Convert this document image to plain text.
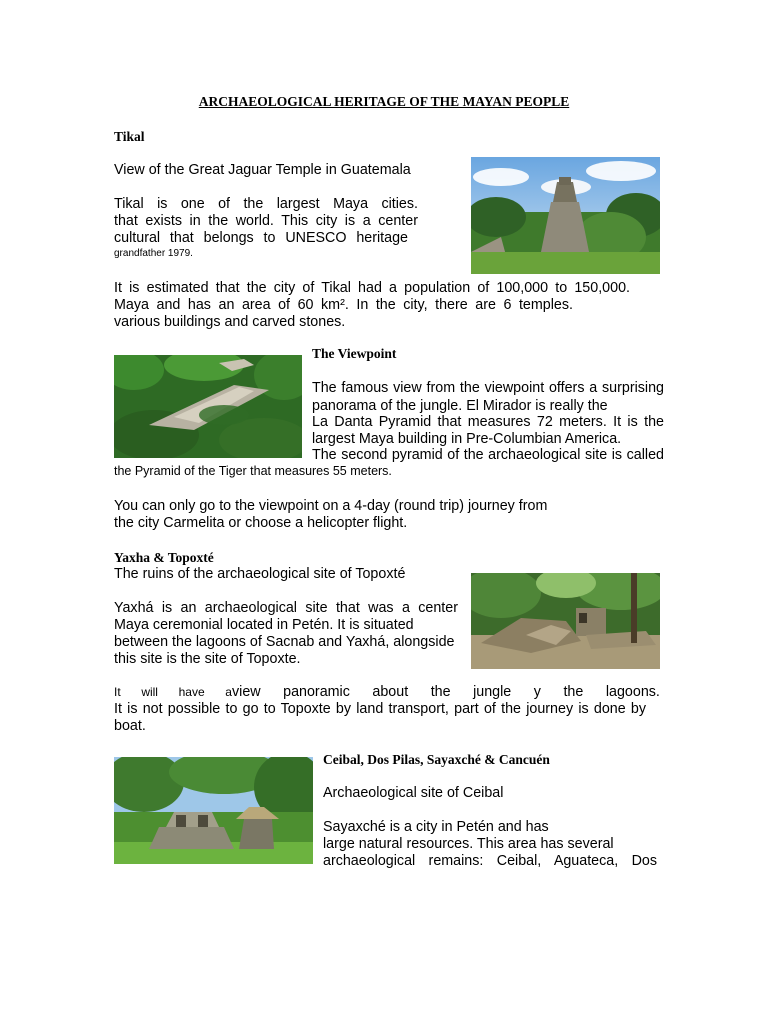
ARCHAEOLOGICAL HERITAGE OF THE MAYAN PEOPLE
Tikal
View of the Great Jaguar Temple in Guatemala
Tikal is one of the largest Maya cities.
that exists in the world. This city is a center
cultural that belongs to UNESCO heritage
grandfather 1979.
It is estimated that the city of Tikal had a population of 100,000 to 150,000.
Maya and has an area of 60 km². In the city, there are 6 temples.
various buildings and carved stones.
The Viewpoint
The famous view from the viewpoint offers a surprising
panorama of the jungle. El Mirador is really the
La Danta Pyramid that measures 72 meters. It is the
largest Maya building in Pre-Columbian America.
The second pyramid of the archaeological site is called
the Pyramid of the Tiger that measures 55 meters.
You can only go to the viewpoint on a 4-day (round trip) journey from
the city Carmelita or choose a helicopter flight.
Yaxha & Topoxté
The ruins of the archaeological site of Topoxté
Yaxhá is an archaeological site that was a center
Maya ceremonial located in Petén. It is situated
between the lagoons of Sacnab and Yaxhá, alongside
this site is the site of Topoxte.
It will have a view panoramic about the jungle y the lagoons.
It is not possible to go to Topoxte by land transport, part of the journey is done by
boat.
Ceibal, Dos Pilas, Sayaxché & Cancuén
Archaeological site of Ceibal
Sayaxché is a city in Petén and has
large natural resources. This area has several
archaeological remains: Ceibal, Aguateca, Dos
